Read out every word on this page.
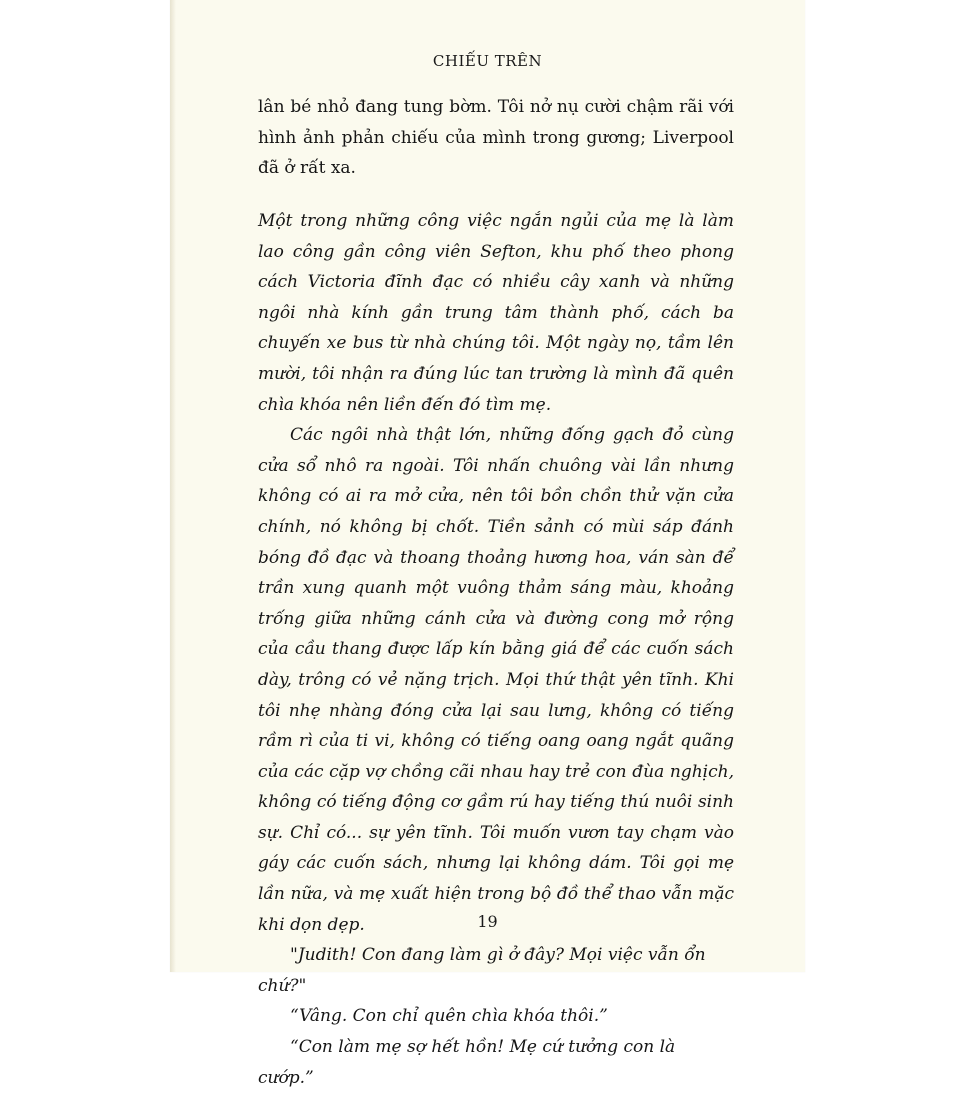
CHIẾU TRÊN

lân bé nhỏ đang tung bờm. Tôi nở nụ cười chậm rãi với hình ảnh phản chiếu của mình trong gương; Liverpool đã ở rất xa.

Một trong những công việc ngắn ngủi của mẹ là làm lao công gần công viên Sefton, khu phố theo phong cách Victoria đĩnh đạc có nhiều cây xanh và những ngôi nhà kính gần trung tâm thành phố, cách ba chuyến xe bus từ nhà chúng tôi. Một ngày nọ, tầm lên mười, tôi nhận ra đúng lúc tan trường là mình đã quên chìa khóa nên liền đến đó tìm mẹ.

Các ngôi nhà thật lớn, những đống gạch đỏ cùng cửa sổ nhô ra ngoài. Tôi nhấn chuông vài lần nhưng không có ai ra mở cửa, nên tôi bồn chồn thử vặn cửa chính, nó không bị chốt. Tiền sảnh có mùi sáp đánh bóng đồ đạc và thoang thoảng hương hoa, ván sàn để trần xung quanh một vuông thảm sáng màu, khoảng trống giữa những cánh cửa và đường cong mở rộng của cầu thang được lấp kín bằng giá để các cuốn sách dày, trông có vẻ nặng trịch. Mọi thứ thật yên tĩnh. Khi tôi nhẹ nhàng đóng cửa lại sau lưng, không có tiếng rầm rì của ti vi, không có tiếng oang oang ngắt quãng của các cặp vợ chồng cãi nhau hay trẻ con đùa nghịch, không có tiếng động cơ gầm rú hay tiếng thú nuôi sinh sự. Chỉ có... sự yên tĩnh. Tôi muốn vươn tay chạm vào gáy các cuốn sách, nhưng lại không dám. Tôi gọi mẹ lần nữa, và mẹ xuất hiện trong bộ đồ thể thao vẫn mặc khi dọn dẹp.

"Judith! Con đang làm gì ở đây? Mọi việc vẫn ổn chứ?"

“Vâng. Con chỉ quên chìa khóa thôi.”

“Con làm mẹ sợ hết hồn! Mẹ cứ tưởng con là cướp.”

19
